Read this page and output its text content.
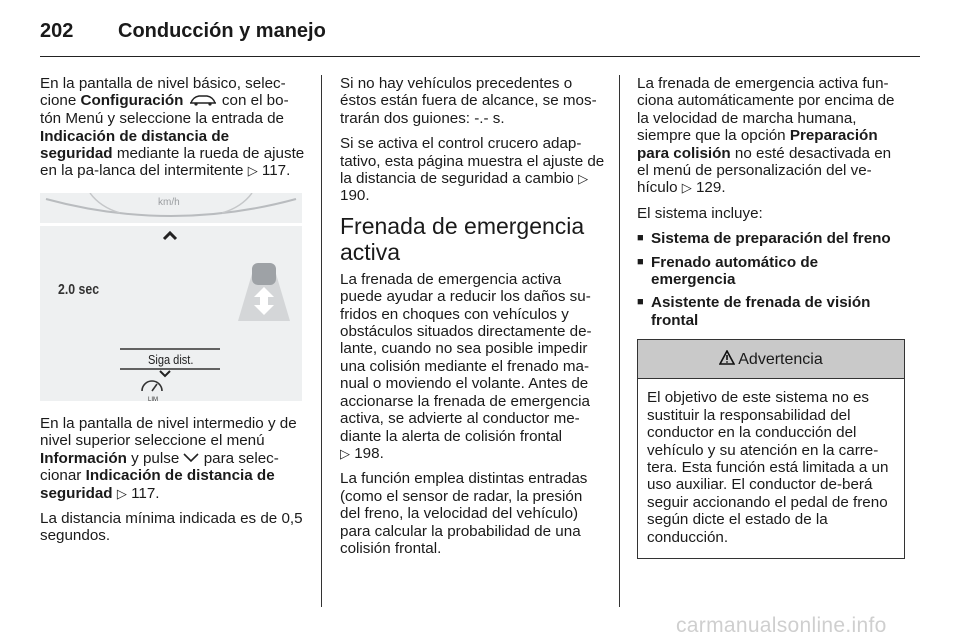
202 Conducción y manejo

En la pantalla de nivel básico, selec-cione Configuración  con el bo-tón Menú y seleccione la entrada de Indicación de distancia de seguridad mediante la rueda de ajuste en la pa-lanca del intermitente ▷ 117.

km/h
2.0 sec
Siga dist.
LIM

En la pantalla de nivel intermedio y de nivel superior seleccione el menú Información y pulse  para selec-cionar Indicación de distancia de seguridad ▷ 117.

La distancia mínima indicada es de 0,5 segundos.

Si no hay vehículos precedentes o éstos están fuera de alcance, se mos-trarán dos guiones: -.- s.

Si se activa el control crucero adap-tativo, esta página muestra el ajuste de la distancia de seguridad a cambio ▷ 190.

Frenada de emergencia activa

La frenada de emergencia activa puede ayudar a reducir los daños su-fridos en choques con vehículos y obstáculos situados directamente de-lante, cuando no sea posible impedir una colisión mediante el frenado ma-nual o moviendo el volante. Antes de accionarse la frenada de emergencia activa, se advierte al conductor me-diante la alerta de colisión frontal
▷ 198.

La función emplea distintas entradas (como el sensor de radar, la presión del freno, la velocidad del vehículo) para calcular la probabilidad de una colisión frontal.

La frenada de emergencia activa fun-ciona automáticamente por encima de la velocidad de marcha humana, siempre que la opción Preparación para colisión no esté desactivada en el menú de personalización del ve-hículo ▷ 129.

El sistema incluye:

■ Sistema de preparación del freno
■ Frenado automático de emergencia
■ Asistente de frenada de visión frontal
Advertencia
El objetivo de este sistema no es sustituir la responsabilidad del conductor en la conducción del vehículo y su atención en la carre-tera. Esta función está limitada a un uso auxiliar. El conductor de-berá seguir accionando el pedal de freno según dicte el estado de la conducción.
carmanualsonline.info
